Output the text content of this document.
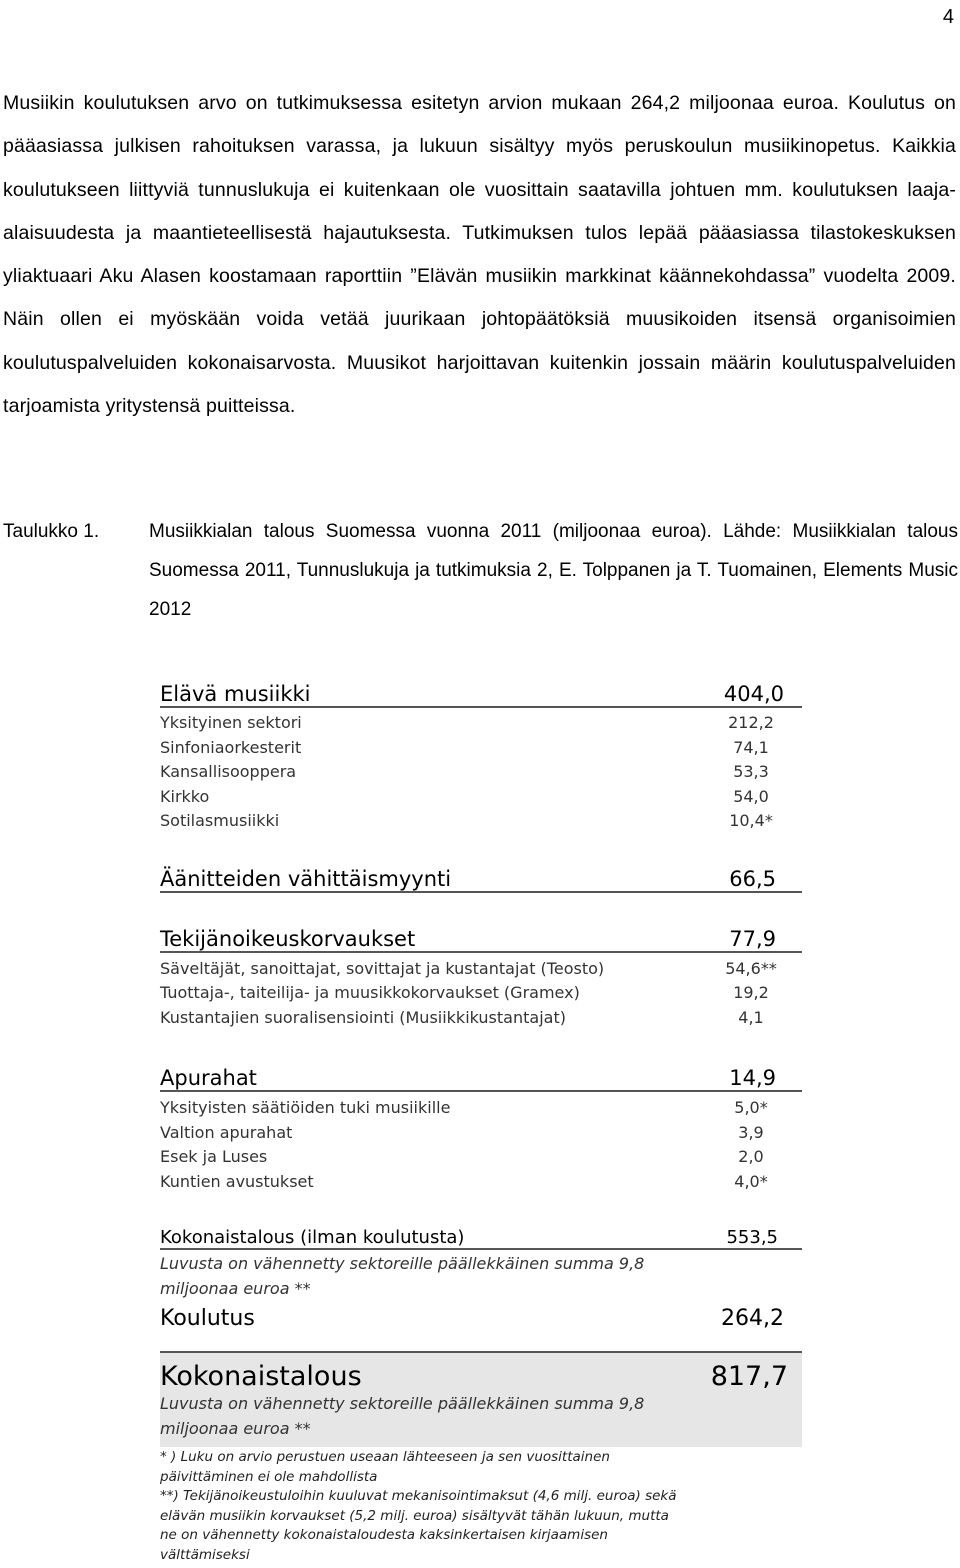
4

Musiikin koulutuksen arvo on tutkimuksessa esitetyn arvion mukaan 264,2 miljoonaa euroa. Koulutus on pääasiassa julkisen rahoituksen varassa, ja lukuun sisältyy myös peruskoulun musiikinopetus. Kaikkia koulutukseen liittyviä tunnuslukuja ei kuitenkaan ole vuosittain saatavilla johtuen mm. koulutuksen laaja-alaisuudesta ja maantieteellisestä hajautuksesta. Tutkimuksen tulos lepää pääasiassa tilastokeskuksen yliaktuaari Aku Alasen koostamaan raporttiin ”Elävän musiikin markkinat käännekohdassa” vuodelta 2009. Näin ollen ei myöskään voida vetää juurikaan johtopäätöksiä muusikoiden itsensä organisoimien koulutuspalveluiden kokonaisarvosta. Muusikot harjoittavan kuitenkin jossain määrin koulutuspalveluiden tarjoamista yritystensä puitteissa.

Taulukko 1.	Musiikkialan talous Suomessa vuonna 2011 (miljoonaa euroa). Lähde: Musiikkialan talous Suomessa 2011, Tunnuslukuja ja tutkimuksia 2, E. Tolppanen ja T. Tuomainen, Elements Music 2012
Elävä musiikki	404,0
Yksityinen sektori	212,2
Sinfoniaorkesterit	74,1
Kansallisooppera	53,3
Kirkko	54,0
Sotilasmusiikki	10,4*
Äänitteiden vähittäismyynti	66,5
Tekijänoikeuskorvaukset	77,9
Säveltäjät, sanoittajat, sovittajat ja kustantajat (Teosto)	54,6**
Tuottaja-, taiteilija- ja muusikkokorvaukset (Gramex)	19,2
Kustantajien suoralisensiointi (Musiikkikustantajat)	4,1
Apurahat	14,9
Yksityisten säätiöiden tuki musiikille	5,0*
Valtion apurahat	3,9
Esek ja Luses	2,0
Kuntien avustukset	4,0*
Kokonaistalous (ilman koulutusta)	553,5
Luvusta on vähennetty sektoreille päällekkäinen summa 9,8 miljoonaa euroa **
Koulutus	264,2
Kokonaistalous	817,7
Luvusta on vähennetty sektoreille päällekkäinen summa 9,8 miljoonaa euroa **

* ) Luku on arvio perustuen useaan lähteeseen ja sen vuosittainen päivittäminen ei ole mahdollista

**) Tekijänoikeustuloihin kuuluvat mekanisointimaksut (4,6 milj. euroa) sekä elävän musiikin korvaukset (5,2 milj. euroa) sisältyvät tähän lukuun, mutta ne on vähennetty kokonaistaloudesta kaksinkertaisen kirjaamisen välttämiseksi
